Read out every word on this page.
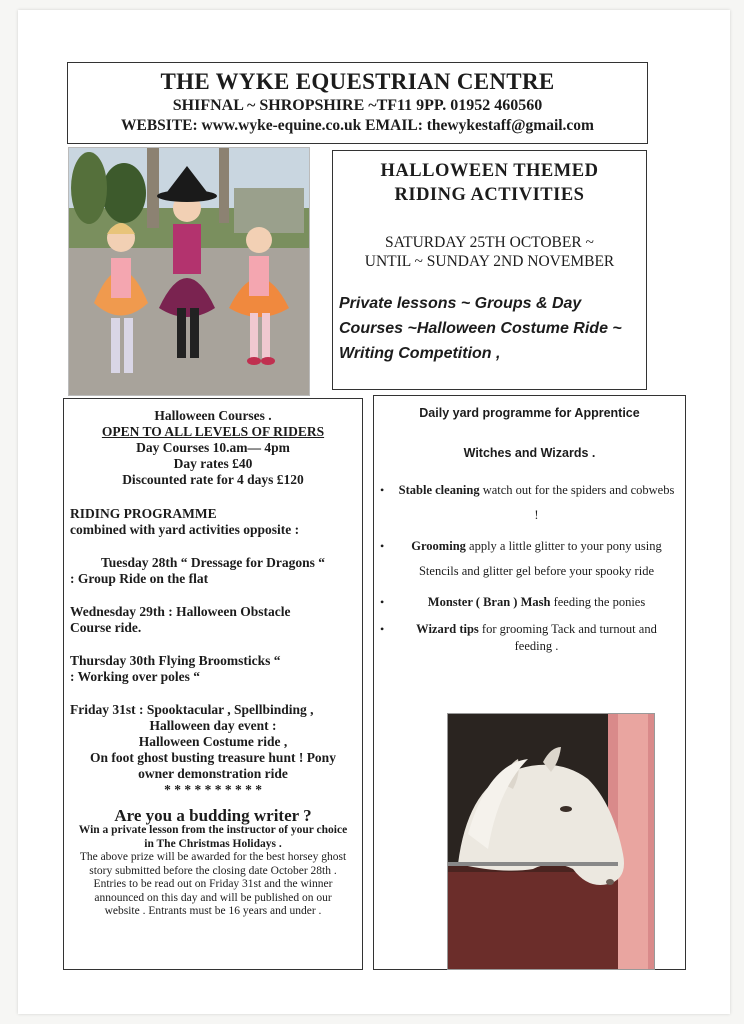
THE WYKE EQUESTRIAN CENTRE
SHIFNAL ~ SHROPSHIRE ~TF11 9PP. 01952 460560
WEBSITE: www.wyke-equine.co.uk EMAIL: thewykestaff@gmail.com
HALLOWEEN THEMED
RIDING ACTIVITIES
SATURDAY 25TH OCTOBER ~
UNTIL ~ SUNDAY 2ND NOVEMBER
Private lessons ~ Groups & Day Courses ~Halloween Costume Ride ~ Writing Competition ,

Halloween Courses .

OPEN TO ALL LEVELS OF RIDERS

Day Courses 10.am— 4pm

Day rates £40

Discounted rate for 4 days £120

RIDING PROGRAMME

combined with yard activities opposite :

Tuesday 28th “ Dressage for Dragons “

: Group Ride on the flat

Wednesday 29th : Halloween Obstacle

Course ride.

Thursday 30th Flying Broomsticks “

: Working over poles “

Friday 31st : Spooktacular , Spellbinding ,

Halloween day event :

Halloween Costume ride ,

On foot ghost busting treasure hunt ! Pony

owner demonstration ride

* * * * * * * * * *

Are you a budding writer ?

Win a private lesson from the instructor of your choice

in The Christmas Holidays .

The above prize will be awarded for the best horsey ghost

story submitted before the closing date October 28th .

Entries to be read out on Friday 31st and the winner

announced on this day and will be published on our

website . Entrants must be 16 years and under .

Daily yard programme for Apprentice
Witches and Wizards .
• Stable cleaning watch out for the spiders and cobwebs !
• Grooming apply a little glitter to your pony using Stencils and glitter gel before your spooky ride
•	Monster ( Bran ) Mash feeding the ponies
•	Wizard tips for grooming Tack and turnout and feeding .
